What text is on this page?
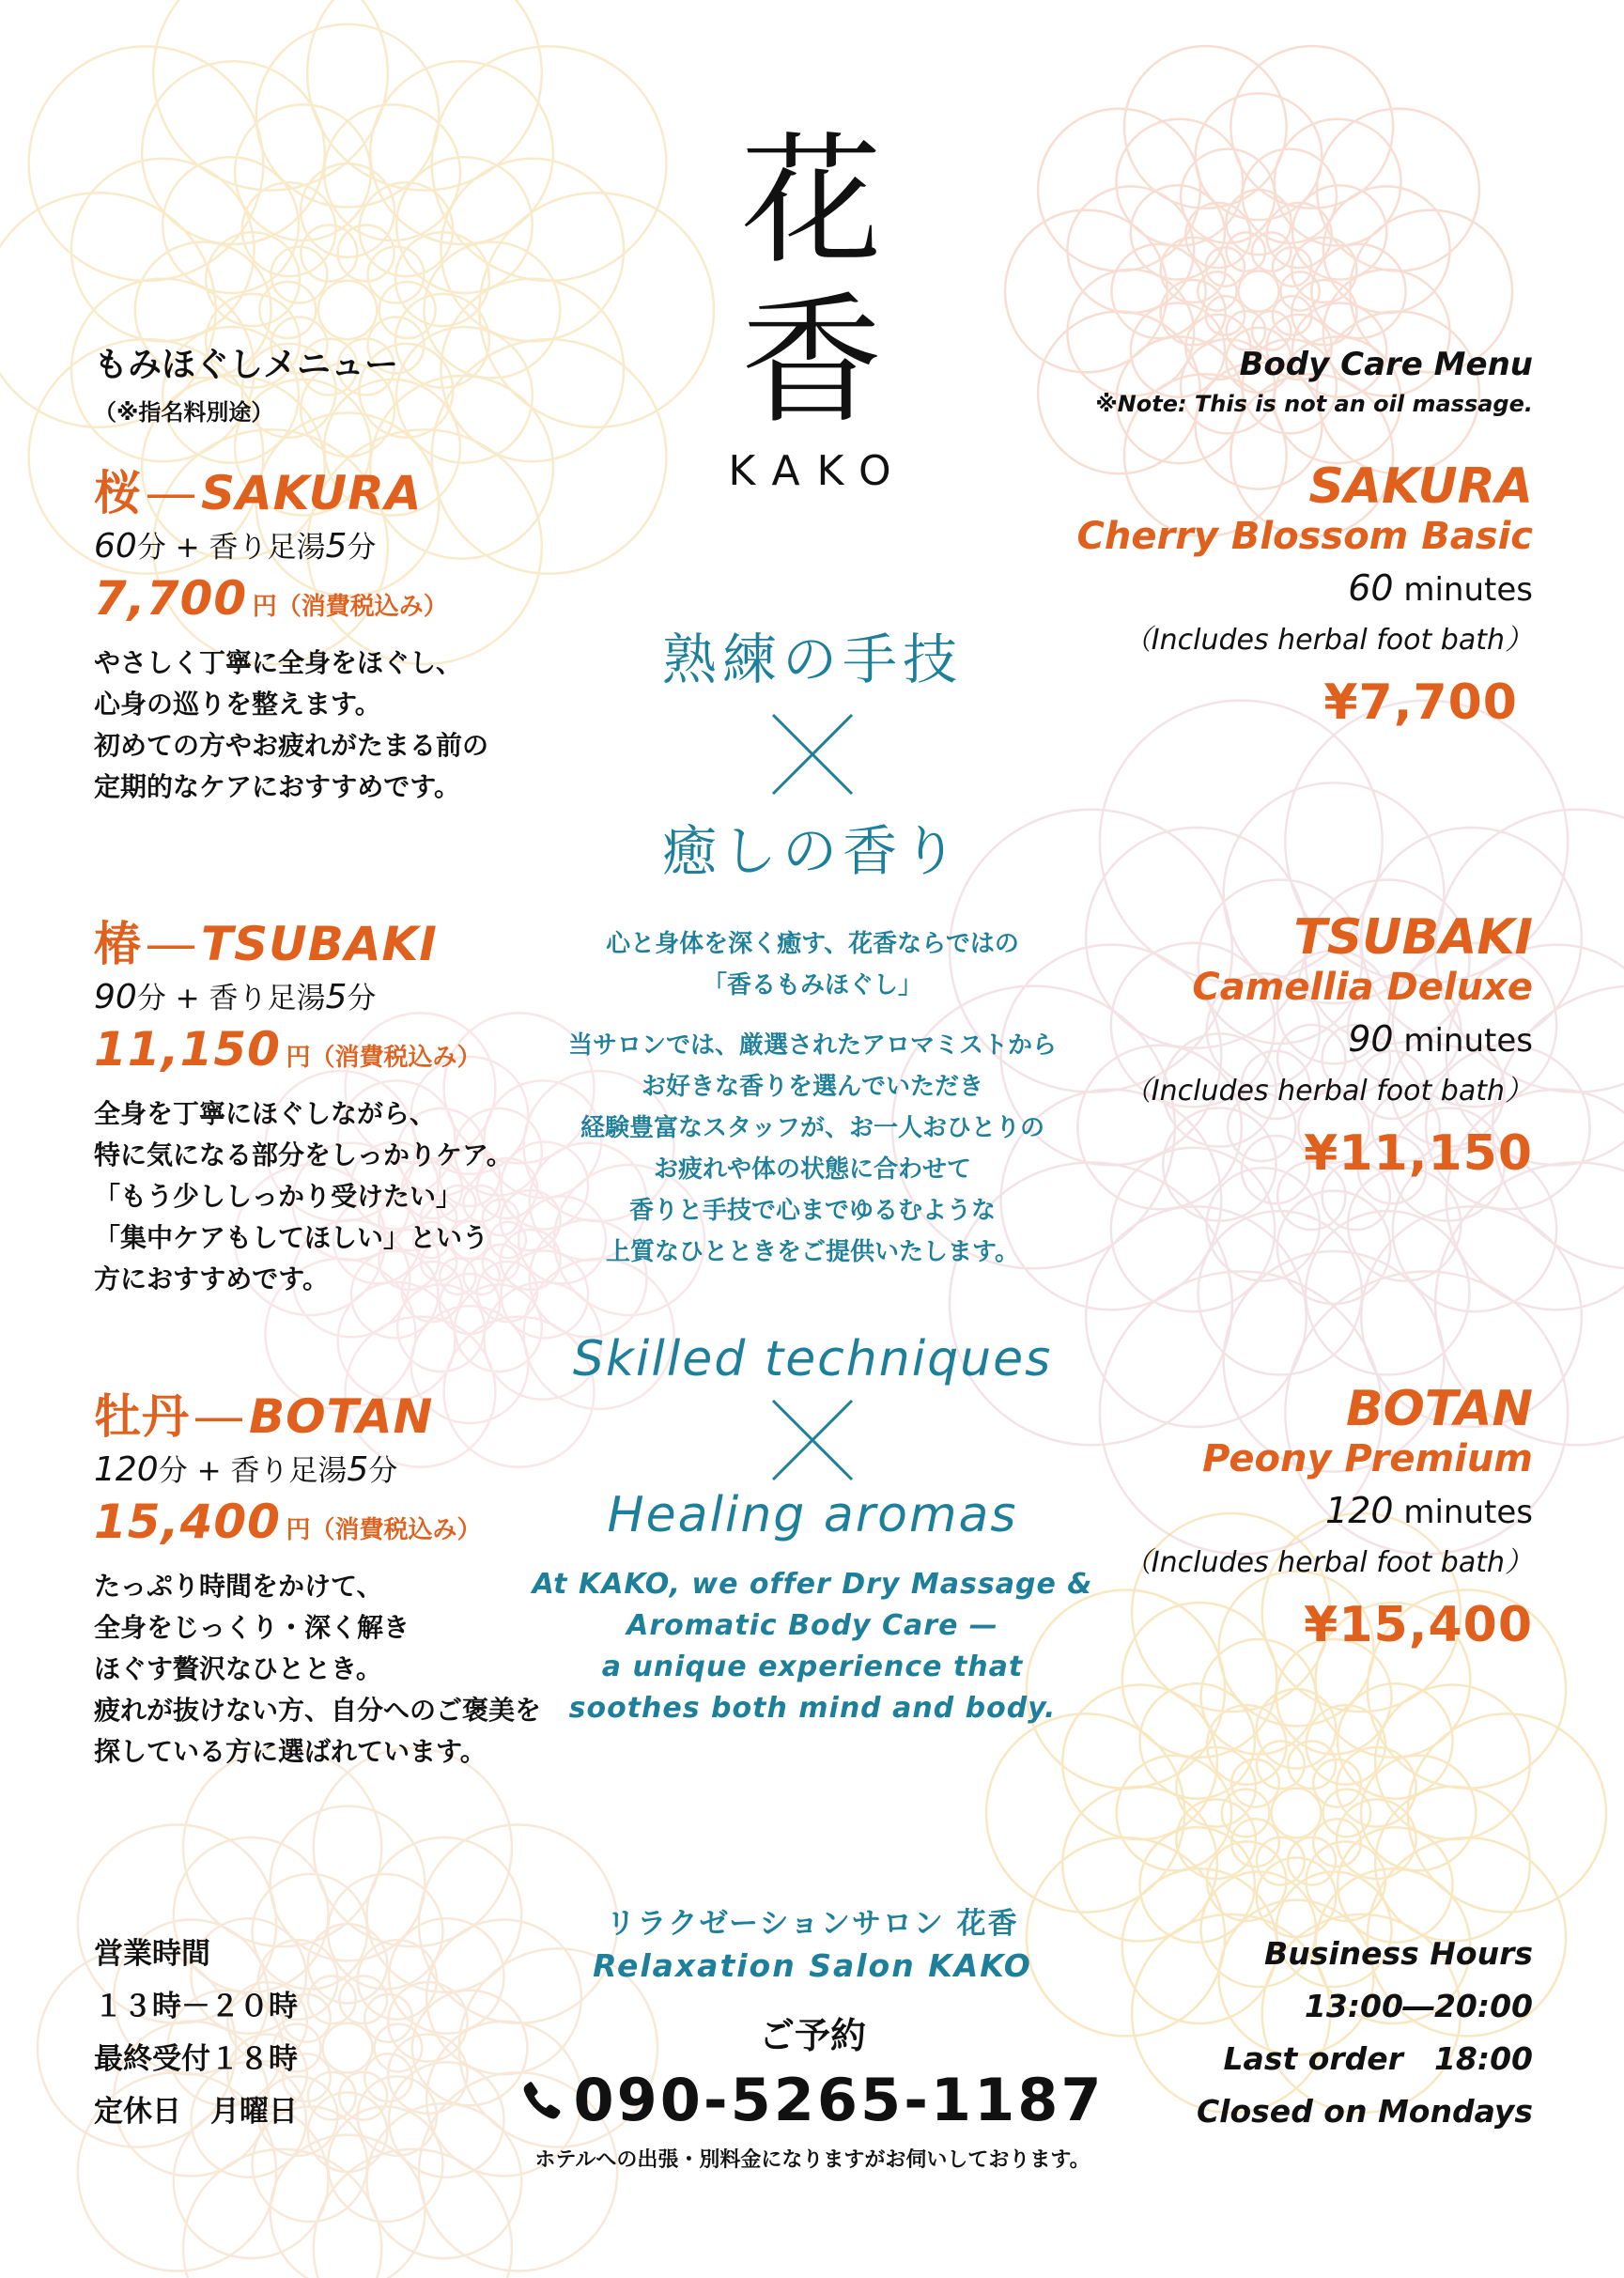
花
香
KAKO
もみほぐしメニュー
（※指名料別途）
Body Care Menu
※Note: This is not an oil massage.
桜 ― SAKURA
60分 + 香り足湯5分
7,700 円（消費税込み）
やさしく丁寧に全身をほぐし、
心身の巡りを整えます。
初めての方やお疲れがたまる前の
定期的なケアにおすすめです。
椿 ― TSUBAKI
90分 + 香り足湯5分
11,150 円（消費税込み）
全身を丁寧にほぐしながら、
特に気になる部分をしっかりケア。
「もう少ししっかり受けたい」
「集中ケアもしてほしい」という
方におすすめです。
牡丹 ― BOTAN
120分 + 香り足湯5分
15,400 円（消費税込み）
たっぷり時間をかけて、
全身をじっくり・深く解き
ほぐす贅沢なひととき。
疲れが抜けない方、自分へのご褒美を
探している方に選ばれています。
SAKURA
Cherry Blossom Basic
60 minutes
（Includes herbal foot bath）
¥7,700
TSUBAKI
Camellia Deluxe
90 minutes
（Includes herbal foot bath）
¥11,150
BOTAN
Peony Premium
120 minutes
（Includes herbal foot bath）
¥15,400
熟練の手技
癒しの香り
心と身体を深く癒す、花香ならではの
「香るもみほぐし」
当サロンでは、厳選されたアロマミストから
お好きな香りを選んでいただき
経験豊富なスタッフが、お一人おひとりの
お疲れや体の状態に合わせて
香りと手技で心までゆるむような
上質なひとときをご提供いたします。
Skilled techniques
Healing aromas
At KAKO, we offer Dry Massage &
Aromatic Body Care —
a unique experience that
soothes both mind and body.
営業時間
１３時－２０時
最終受付１８時
定休日　月曜日
Business Hours
13:00―20:00
Last order　18:00
Closed on Mondays
リラクゼーションサロン 花香
Relaxation Salon KAKO
ご予約
090-5265-1187
ホテルへの出張・別料金になりますがお伺いしております。
